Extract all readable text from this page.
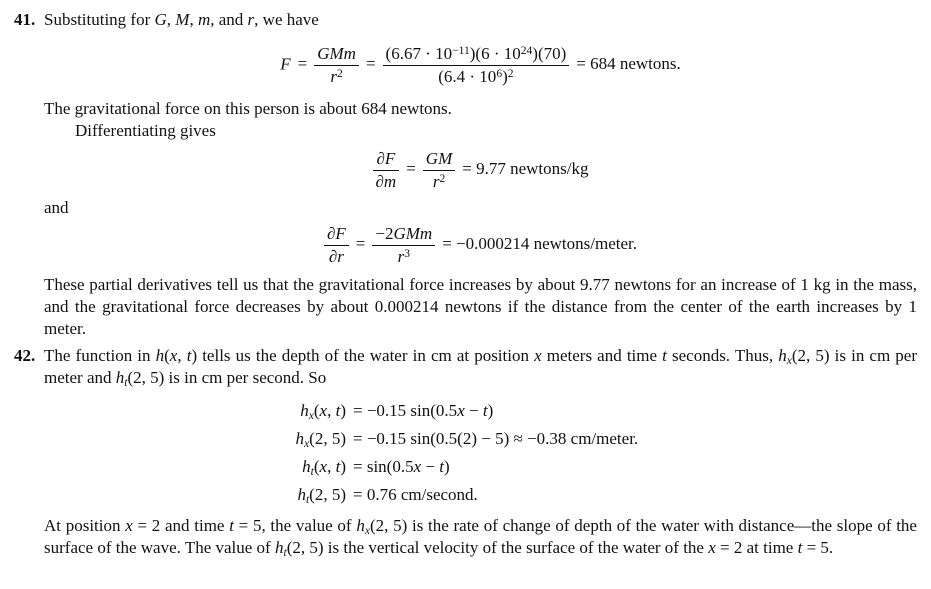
41. Substituting for G, M, m, and r, we have

$F = \frac{\text{GMm}}{r^2} = \frac{(6.67 \cdot 10^{-11})(6 \cdot 10^{24})(70)}{(6.4 \cdot 10^6)^2} = 684$ newtons.

The gravitational force on this person is about 684 newtons.

Differentiating gives

$\frac{\partial F}{\partial m} = \frac{GM}{r^2} = 9.77$ newtons/kg

and

$\frac{\partial F}{\partial r} = \frac{\text{−2GMm}}{r^3} = -0.000214$ newtons/meter.

These partial derivatives tell us that the gravitational force increases by about 9.77 newtons for an increase of 1 kg in the mass, and the gravitational force decreases by about 0.000214 newtons if the distance from the center of the earth increases by 1 meter.

42. The function in h(x, t) tells us the depth of the water in cm at position x meters and time t seconds. Thus, hx(2, 5) is in cm per meter and ht(2, 5) is in cm per second. So

hx(x, t) = −0.15 sin(0.5x − t)
hx(2, 5) = −0.15 sin(0.5(2) − 5) ≈ −0.38 cm/meter.
ht(x, t) = sin(0.5x − t)
ht(2, 5) = 0.76 cm/second.

At position x = 2 and time t = 5, the value of hx(2, 5) is the rate of change of depth of the water with distance—the slope of the surface of the wave. The value of ht(2, 5) is the vertical velocity of the surface of the water of the x = 2 at time t = 5.
